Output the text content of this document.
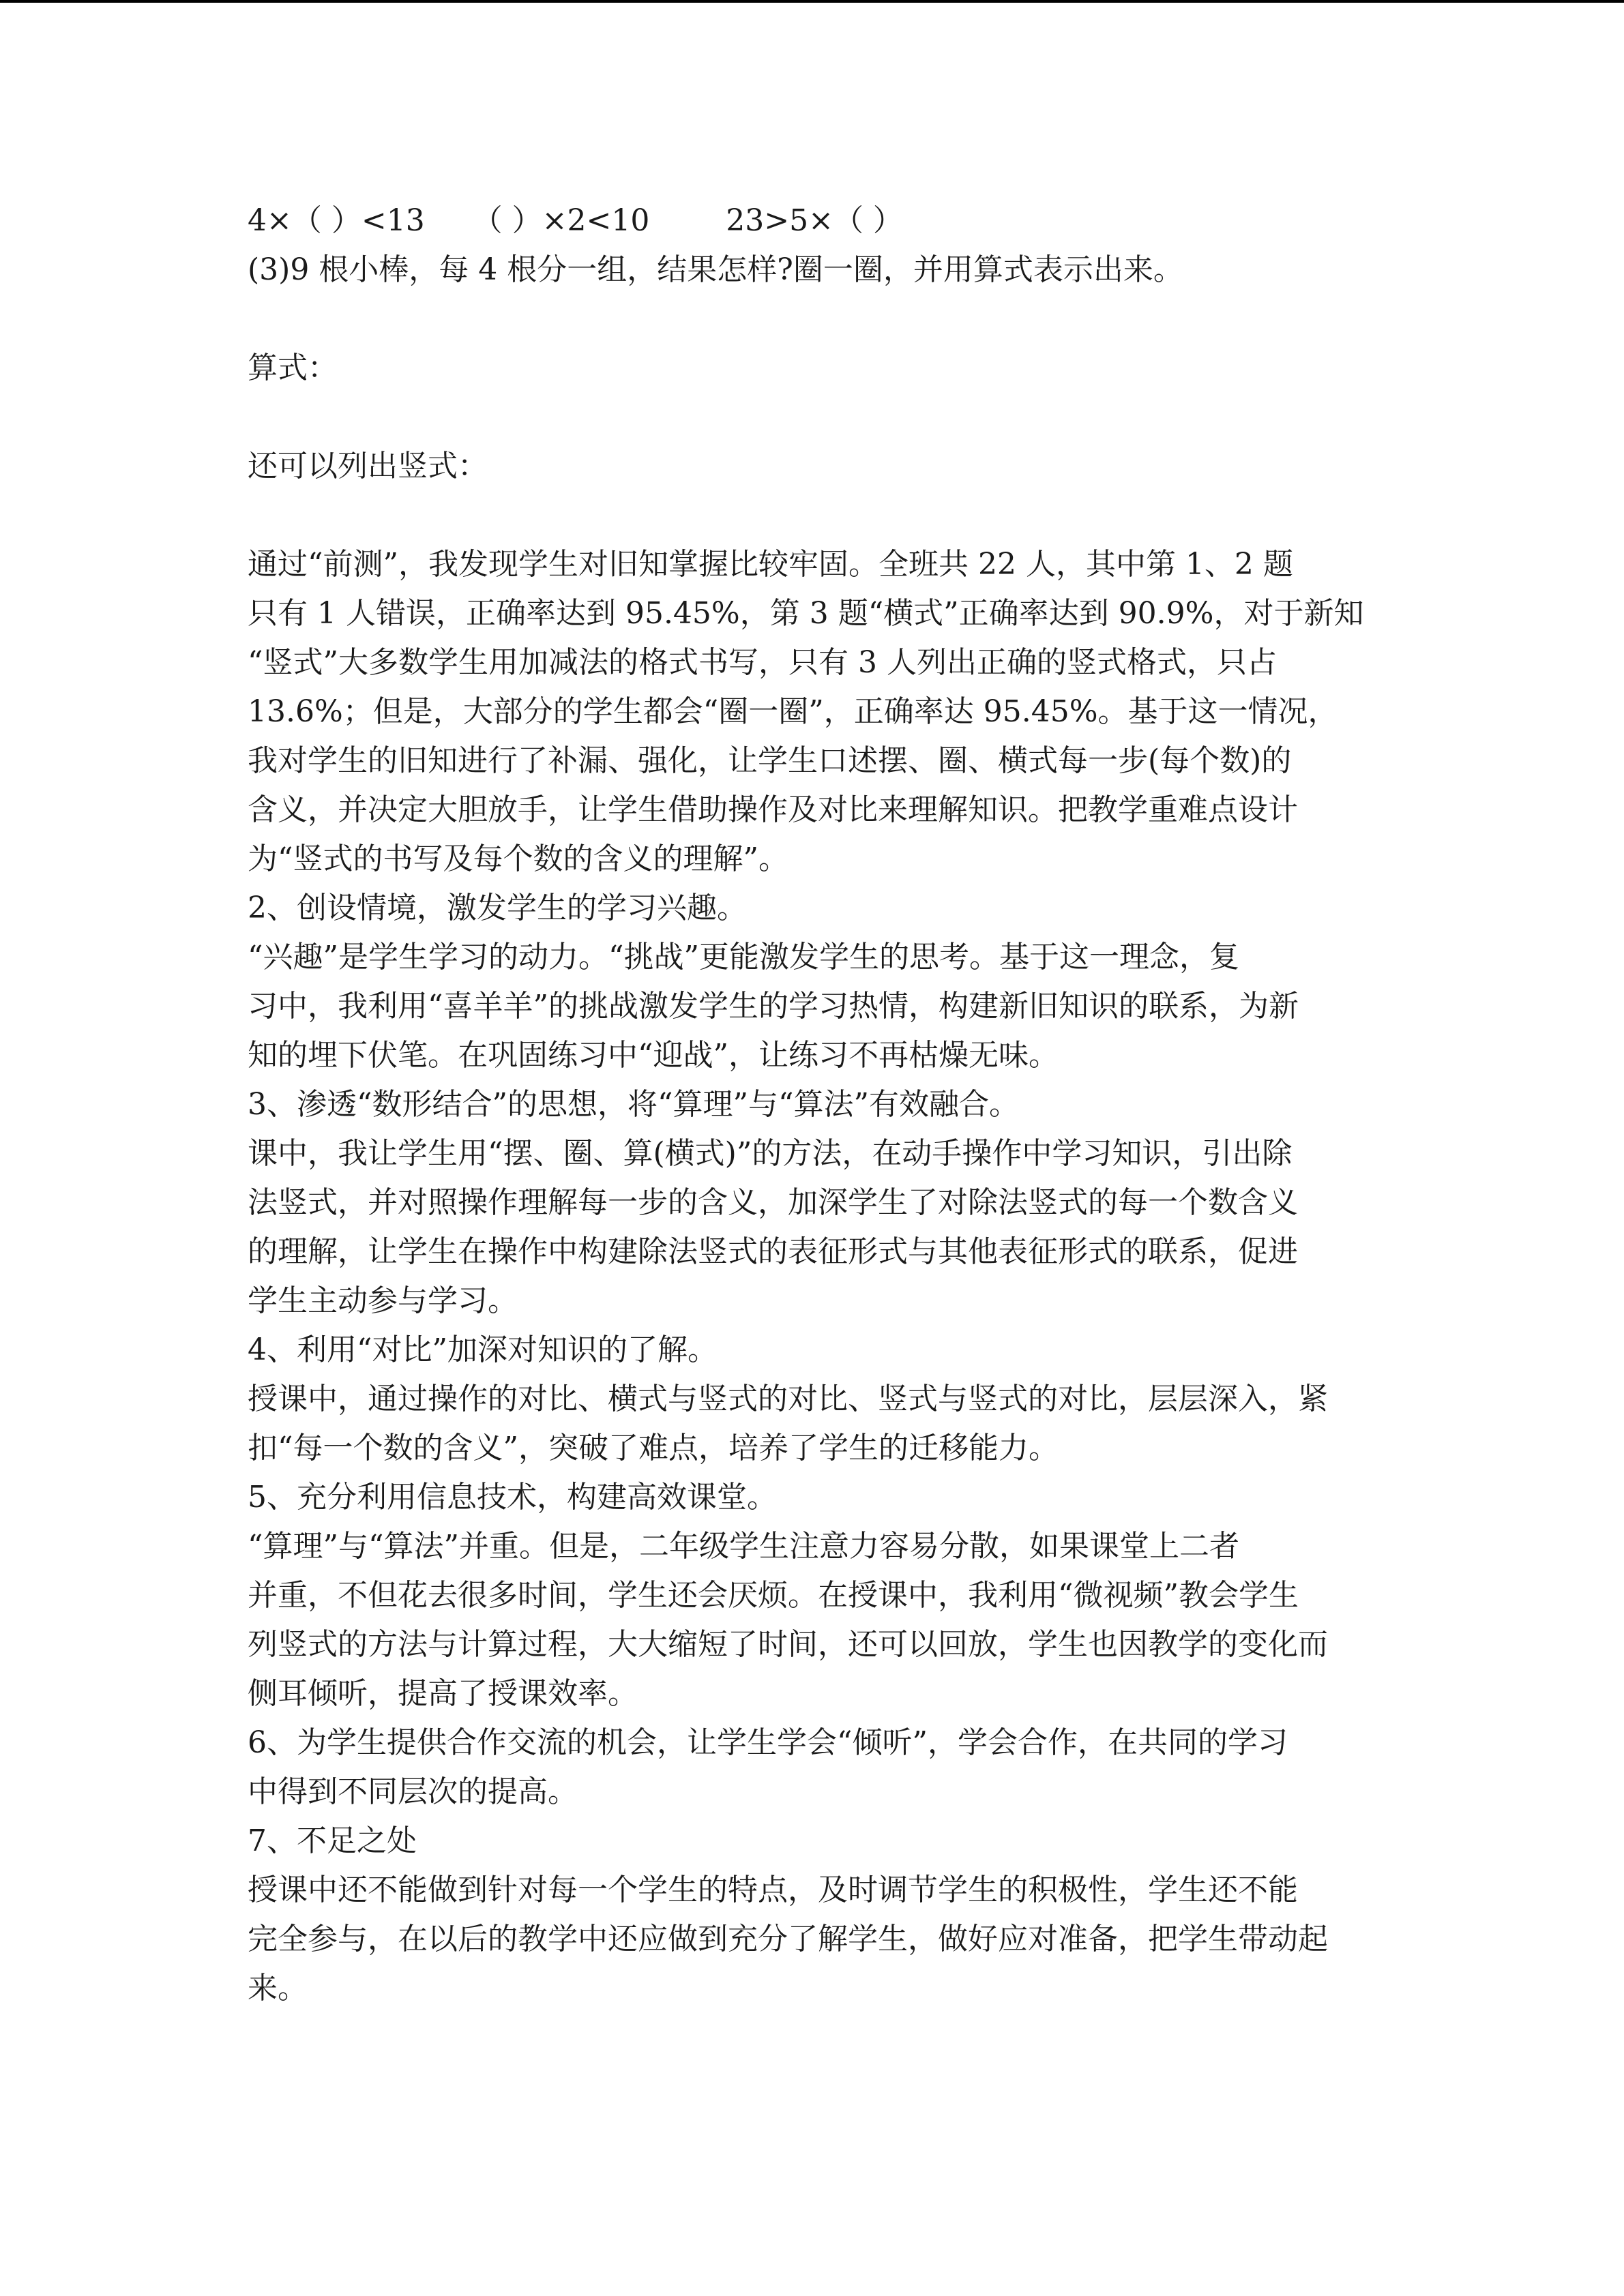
4×（ ）<13     （ ）×2<10        23>5×（ ）
(3)9 根小棒，每 4 根分一组，结果怎样?圈一圈，并用算式表示出来。
算式：
还可以列出竖式：
通过“前测”，我发现学生对旧知掌握比较牢固。全班共 22 人，其中第 1、2 题
只有 1 人错误，正确率达到 95.45%，第 3 题“横式”正确率达到 90.9%，对于新知
“竖式”大多数学生用加减法的格式书写，只有 3 人列出正确的竖式格式，只占
13.6%；但是，大部分的学生都会“圈一圈”，正确率达 95.45%。基于这一情况，
我对学生的旧知进行了补漏、强化，让学生口述摆、圈、横式每一步(每个数)的
含义，并决定大胆放手，让学生借助操作及对比来理解知识。把教学重难点设计
为“竖式的书写及每个数的含义的理解”。
2、创设情境，激发学生的学习兴趣。
“兴趣”是学生学习的动力。“挑战”更能激发学生的思考。基于这一理念，复
习中，我利用“喜羊羊”的挑战激发学生的学习热情，构建新旧知识的联系，为新
知的埋下伏笔。在巩固练习中“迎战”，让练习不再枯燥无味。
3、渗透“数形结合”的思想，将“算理”与“算法”有效融合。
课中，我让学生用“摆、圈、算(横式)”的方法，在动手操作中学习知识，引出除
法竖式，并对照操作理解每一步的含义，加深学生了对除法竖式的每一个数含义
的理解，让学生在操作中构建除法竖式的表征形式与其他表征形式的联系，促进
学生主动参与学习。
4、利用“对比”加深对知识的了解。
授课中，通过操作的对比、横式与竖式的对比、竖式与竖式的对比，层层深入，紧
扣“每一个数的含义”，突破了难点，培养了学生的迁移能力。
5、充分利用信息技术，构建高效课堂。
“算理”与“算法”并重。但是，二年级学生注意力容易分散，如果课堂上二者
并重，不但花去很多时间，学生还会厌烦。在授课中，我利用“微视频”教会学生
列竖式的方法与计算过程，大大缩短了时间，还可以回放，学生也因教学的变化而
侧耳倾听，提高了授课效率。
6、为学生提供合作交流的机会，让学生学会“倾听”，学会合作，在共同的学习
中得到不同层次的提高。
7、不足之处
授课中还不能做到针对每一个学生的特点，及时调节学生的积极性，学生还不能
完全参与，在以后的教学中还应做到充分了解学生，做好应对准备，把学生带动起
来。
